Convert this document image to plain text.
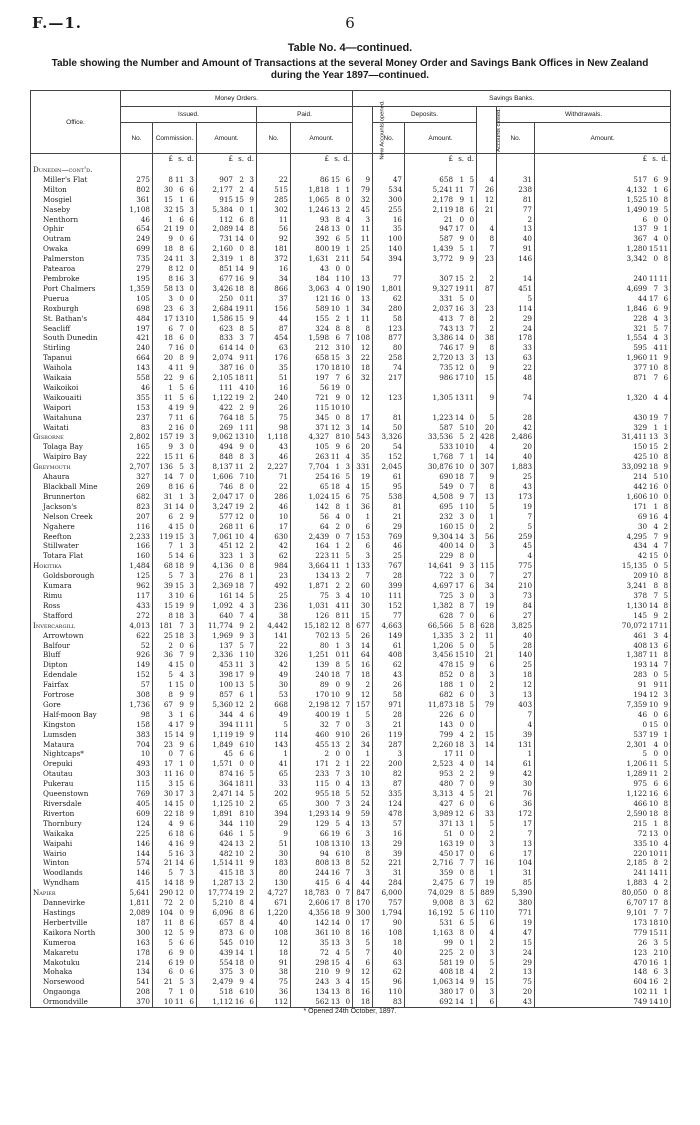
F.—1.	6
Table No. 4—continued.
Table showing the Number and Amount of Transactions at the several Money Order and Savings Bank Offices in New Zealand during the Year 1897—continued.
Office.	Money Orders.					Savings Banks.					
	Issued.			Paid.		New Accounts opened.	Deposits.		Accounts closed.	Withdrawals.	
	No.	Commission.	Amount.	No.	Amount.		No.	Amount.		No.	Amount.

		£ s. d.	£ s. d.		£ s. d.			£ s. d.			£ s. d.

Dunedin—cont'd.											
Miller's Flat	275	8 11 3	907 2 3	22	86 15 6	9	47	658 1 5	4	31	517 6 9

Milton	802	30 6 6	2,177 2 4	515	1,818 1 1	79	534	5,241 11 7	26	238	4,132 1 6

Mosgiel	361	15 1 6	915 15 9	285	1,065 8 0	32	300	2,178 9 1	12	81	1,525 10 8

Naseby	1,108	32 15 3	5,384 0 1	302	1,246 13 2	45	255	2,119 18 6	21	77	1,490 19 5

Nenthorn	46	1 6 6	112 6 8	11	93 8 4	3	16	21 0 0		2	6 0 0

Ophir	654	21 19 0	2,089 14 8	56	248 13 0	11	35	947 17 0	4	13	137 9 1

Outram	249	9 0 6	731 14 0	92	392 6 5	11	100	587 9 0	8	40	367 4 0

Owaka	699	18 8 6	2,160 0 8	181	800 19 1	25	140	1,439 5 1	7	91	1,280 15 11

Palmerston	735	24 11 3	2,319 1 8	372	1,631 2 11	54	394	3,772 9 9	23	146	3,342 0 8

Patearoa	279	8 12 0	851 14 9	16	43 0 0						

Pembroke	195	8 16 3	677 16 9	34	184 1 10	13	77	307 15 2	2	14	240 11 11

Port Chalmers	1,359	58 13 0	3,426 18 8	866	3,063 4 0	190	1,801	9,327 19 11	87	451	4,699 7 3

Puerua	105	3 0 0	250 0 11	37	121 16 0	13	62	331 5 0		5	44 17 6

Roxburgh	698	23 6 3	2,684 19 11	156	589 10 1	34	280	2,037 16 3	23	114	1,846 6 9

St. Bathan's	484	17 13 10	1,586 15 9	44	155 2 1	11	58	413 7 8	2	29	228 4 3

Seacliff	197	6 7 0	623 8 5	87	324 8 8	8	123	743 13 7	2	24	321 5 7

South Dunedin	421	18 6 0	833 3 7	454	1,598 6 7	108	877	3,386 14 0	38	178	1,554 4 3

Stirling	240	7 16 0	614 14 0	63	212 3 10	12	80	746 17 9	8	33	595 4 11

Tapanui	664	20 8 9	2,074 9 11	176	658 15 3	22	258	2,720 13 3	13	63	1,960 11 9

Waihola	143	4 11 9	387 16 0	35	170 18 10	18	74	735 12 0	9	22	377 10 8

Waikaia	558	22 9 6	2,105 18 11	51	197 7 6	32	217	986 17 10	15	48	871 7 6

Waikoikoi	46	1 5 6	111 4 10	16	56 19 0						

Waikouaiti	355	11 5 6	1,122 19 2	240	721 9 0	12	123	1,305 13 11	9	74	1,320 4 4

Waipori	153	4 19 9	422 2 9	26	115 10 10						

Waitahuna	237	7 11 6	764 18 5	75	345 0 8	17	81	1,223 14 0	5	28	430 19 7

Waitati	83	2 16 0	269 1 11	98	371 12 3	14	50	587 5 10	20	42	329 1 1

Gisborne	2,802	157 19 3	9,062 13 10	1,118	4,327 8 10	543	3,326	33,536 5 2	428	2,486	31,411 13 3

Tolaga Bay	165	9 3 0	494 9 0	43	105 9 6	20	54	533 10 10	4	20	150 15 2

Waipiro Bay	222	15 11 6	848 8 3	46	263 11 4	35	152	1,768 7 1	14	40	425 10 8

Greymouth	2,707	136 5 3	8,137 11 2	2,227	7,704 1 3	331	2,045	30,876 10 0	307	1,883	33,092 18 9

Ahaura	327	14 7 0	1,606 7 10	71	254 16 5	19	61	690 18 7	9	25	214 5 10

Blackball Mine	269	8 16 6	746 8 0	22	65 18 4	15	95	549 0 7	8	43	442 16 0

Brunnerton	682	31 1 3	2,047 17 0	286	1,024 15 6	75	538	4,508 9 7	13	173	1,606 10 0

Jackson's	823	31 14 0	3,247 19 2	46	142 8 1	36	81	695 1 10	5	19	171 1 8

Nelson Creek	207	6 2 9	577 12 0	10	56 4 0	1	21	232 3 0	1	7	69 16 4

Ngahere	116	4 15 0	268 11 6	17	64 2 0	6	29	160 15 0	2	5	30 4 2

Reefton	2,233	119 15 3	7,061 10 4	630	2,439 0 7	153	769	9,304 14 3	56	259	4,295 7 9

Stillwater	166	7 1 3	451 12 2	42	164 1 2	6	46	400 14 0	3	45	434 4 7

Totara Flat	160	5 14 6	323 1 3	62	223 11 5	3	25	229 8 0		4	42 15 0

Hokitika	1,484	68 18 9	4,136 0 8	984	3,664 11 1	133	767	14,641 9 3	115	775	15,135 0 5

Goldsborough	125	5 7 3	276 8 1	23	134 13 2	7	28	722 3 0	7	27	209 10 8

Kumara	962	39 15 3	2,369 18 7	492	1,871 2 2	60	399	4,697 17 6	34	210	3,241 8 8

Rimu	117	3 10 6	161 14 5	25	75 3 4	10	111	725 3 0	3	73	378 7 5

Ross	433	15 19 9	1,092 4 3	236	1,031 4 11	30	152	1,382 8 7	19	84	1,130 14 8

Stafford	272	8 18 3	640 7 4	38	126 8 11	15	77	628 7 0	6	27	145 9 2

Invercargill	4,013	181 7 3	11,774 9 2	4,442	15,182 12 8	677	4,663	66,566 5 8	628	3,825	70,072 17 11

Arrowtown	622	25 18 3	1,969 9 3	141	702 13 5	26	149	1,335 3 2	11	40	461 3 4

Balfour	52	2 0 6	137 5 7	22	80 1 3	14	61	1,206 5 0	5	28	408 13 6

Bluff	926	36 7 9	2,336 1 10	326	1,251 0 11	64	408	3,456 15 10	21	140	1,387 11 8

Dipton	149	4 15 0	453 11 3	42	139 8 5	16	62	478 15 9	6	25	193 14 7

Edendale	152	5 4 3	398 17 9	49	240 18 7	18	43	852 0 8	3	18	283 0 5

Fairfax	57	1 15 0	100 13 5	30	89 0 9	2	26	188 1 0	2	12	91 9 11

Fortrose	308	8 9 9	857 6 1	53	170 10 9	12	58	682 6 0	3	13	194 12 3

Gore	1,736	67 9 9	5,360 12 2	668	2,198 12 7	157	971	11,873 18 5	79	403	7,359 10 9

Half-moon Bay	98	3 1 6	344 4 6	49	400 19 1	5	28	226 6 0		7	46 0 6

Kingston	158	4 17 9	394 11 11	5	32 7 0	3	21	143 0 0		4	0 15 0

Lumsden	383	15 14 9	1,119 19 9	114	460 9 10	26	119	799 4 2	15	39	537 19 1

Mataura	704	23 9 6	1,849 6 10	143	455 13 2	34	287	2,260 18 3	14	131	2,301 4 0

Nightcaps*	10	0 7 6	45 6 6	1	2 0 0	1	3	17 11 0		1	5 0 0

Orepuki	493	17 1 0	1,571 0 0	41	171 2 1	22	200	2,523 4 0	14	61	1,206 11 5

Otautau	303	11 16 0	874 16 5	65	233 7 3	10	82	953 2 2	9	42	1,289 11 2

Pukerau	115	3 15 6	364 18 11	33	115 0 4	13	87	480 7 0	9	30	975 6 6

Queenstown	769	30 17 3	2,471 14 5	202	955 18 5	52	335	3,313 4 5	21	76	1,122 16 6

Riversdale	405	14 15 0	1,125 10 2	65	300 7 3	24	124	427 6 0	6	36	466 10 8

Riverton	609	22 18 9	1,891 8 10	394	1,293 14 9	59	478	3,989 12 6	33	172	2,590 18 8

Thornbury	124	4 9 6	344 1 10	29	129 5 4	13	57	371 13 1	5	17	215 1 8

Waikaka	225	6 18 6	646 1 5	9	66 19 6	3	16	51 0 0	2	7	72 13 0

Waipahi	146	4 16 9	424 13 2	51	108 13 10	13	29	163 19 0	3	13	335 10 4

Wairio	144	5 16 3	482 10 2	30	94 6 10	8	39	450 17 0	6	17	220 10 11

Winton	574	21 14 6	1,514 11 9	183	808 13 8	52	221	2,716 7 7	16	104	2,185 8 2

Woodlands	146	5 7 3	415 18 3	80	244 16 7	3	31	359 0 8	1	31	241 14 11

Wyndham	415	14 18 9	1,287 13 2	130	415 6 4	44	284	2,475 6 7	19	85	1,883 4 2

Napier	5,641	290 12 0	17,774 19 2	4,727	18,783 0 7	847	6,000	74,029 8 5	889	5,390	80,050 0 8

Dannevirke	1,811	72 2 0	5,210 8 4	671	2,606 17 8	170	757	9,008 8 3	62	380	6,707 17 8

Hastings	2,089	104 0 9	6,096 8 6	1,220	4,356 18 9	300	1,794	16,192 5 6	110	771	9,101 7 7

Herbertville	187	11 8 6	657 8 4	40	142 14 0	17	90	531 6 5	6	19	173 18 10

Kaikora North	300	12 5 9	873 6 0	108	361 10 8	16	108	1,163 8 0	4	47	779 15 11

Kumeroa	163	5 6 6	545 0 10	12	35 13 3	5	18	99 0 1	2	15	26 3 5

Makaretu	178	6 9 0	439 14 1	18	72 4 5	7	40	225 2 0	3	24	123 2 10

Makotuku	214	6 19 0	554 18 0	91	298 15 4	6	63	581 19 0	5	29	470 16 1

Mohaka	134	6 0 6	375 3 0	38	210 9 9	12	62	408 18 4	2	13	148 6 3

Norsewood	541	21 5 3	2,479 9 4	75	243 3 4	15	96	1,063 14 9	15	75	604 16 2

Ongaonga	208	7 1 0	518 6 10	36	134 13 8	16	110	380 17 0	3	20	102 11 1

Ormondville	370	10 11 6	1,112 16 6	112	562 13 0	18	83	692 14 1	6	43	749 14 10
* Opened 24th October, 1897.
